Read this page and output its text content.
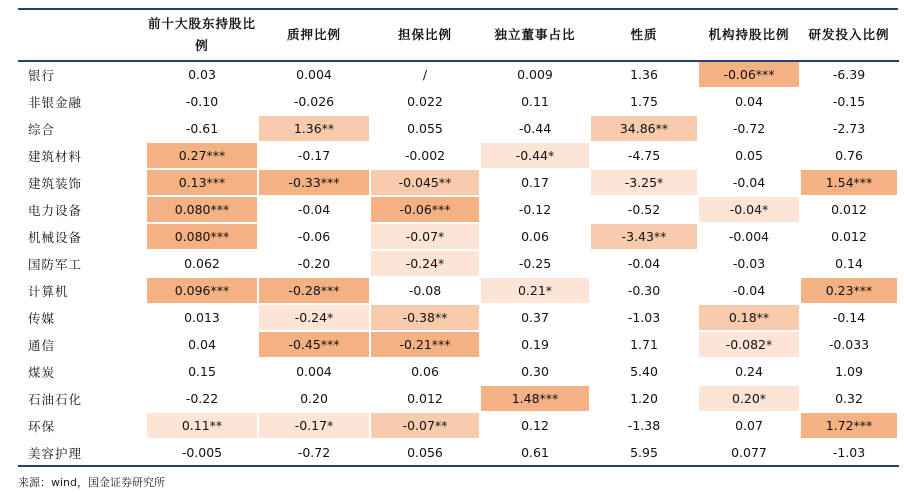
	前十大股东持股比例	质押比例	担保比例	独立董事占比	性质	机构持股比例	研发投入比例
银行	0.03	0.004	/	0.009	1.36	-0.06***	-6.39
非银金融	-0.10	-0.026	0.022	0.11	1.75	0.04	-0.15
综合	-0.61	1.36**	0.055	-0.44	34.86**	-0.72	-2.73
建筑材料	0.27***	-0.17	-0.002	-0.44*	-4.75	0.05	0.76
建筑装饰	0.13***	-0.33***	-0.045**	0.17	-3.25*	-0.04	1.54***
电力设备	0.080***	-0.04	-0.06***	-0.12	-0.52	-0.04*	0.012
机械设备	0.080***	-0.06	-0.07*	0.06	-3.43**	-0.004	0.012
国防军工	0.062	-0.20	-0.24*	-0.25	-0.04	-0.03	0.14
计算机	0.096***	-0.28***	-0.08	0.21*	-0.30	-0.04	0.23***
传媒	0.013	-0.24*	-0.38**	0.37	-1.03	0.18**	-0.14
通信	0.04	-0.45***	-0.21***	0.19	1.71	-0.082*	-0.033
煤炭	0.15	0.004	0.06	0.30	5.40	0.24	1.09
石油石化	-0.22	0.20	0.012	1.48***	1.20	0.20*	0.32
环保	0.11**	-0.17*	-0.07**	0.12	-1.38	0.07	1.72***
美容护理	-0.005	-0.72	0.056	0.61	5.95	0.077	-1.03
来源：wind，国金证券研究所
